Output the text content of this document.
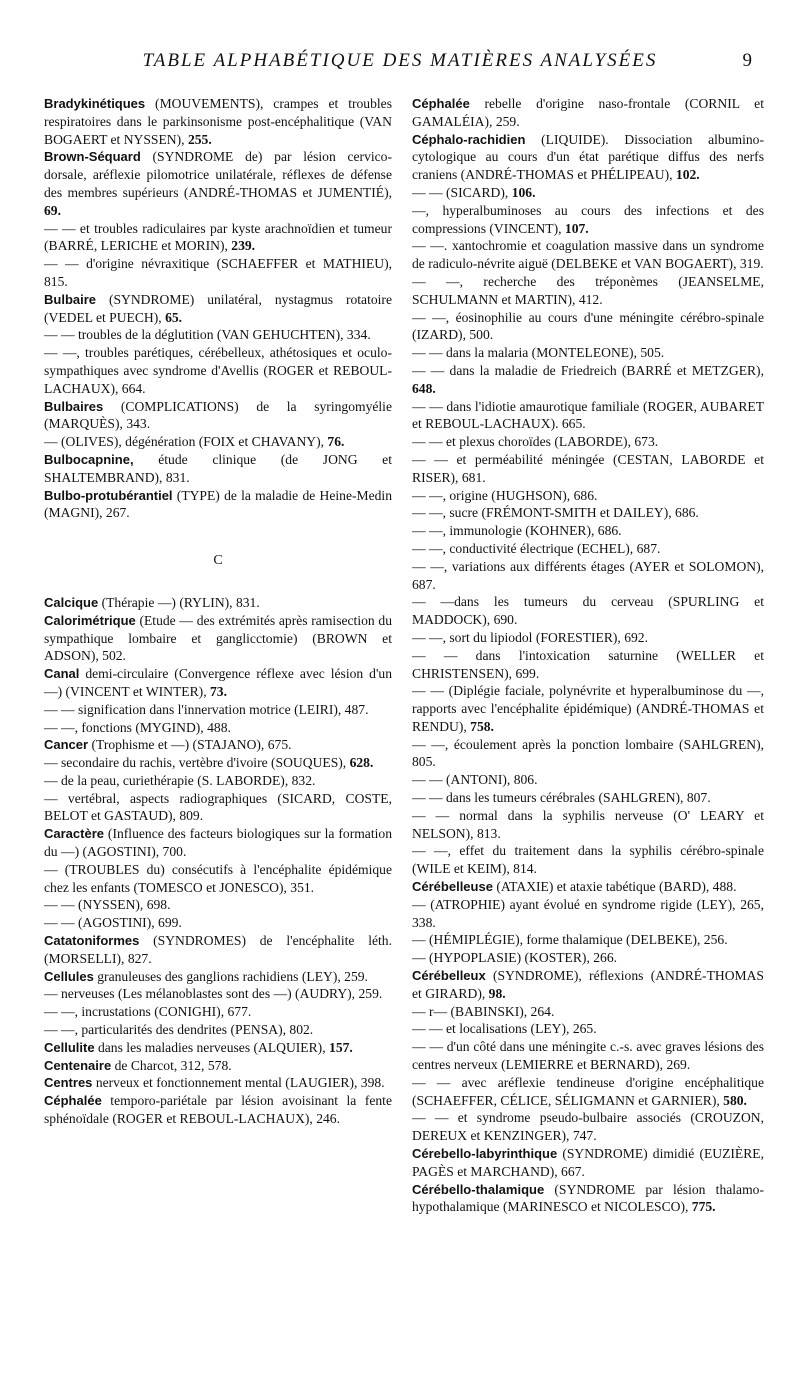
TABLE ALPHABÉTIQUE DES MATIÈRES ANALYSÉES	9

Bradykinétiques (MOUVEMENTS), crampes et troubles respiratoires dans le parkinsonisme post-encéphalitique (VAN BOGAERT et NYSSEN), 255.

Brown-Séquard (SYNDROME de) par lésion cervico-dorsale, aréflexie pilomotrice unilatérale, réflexes de défense des membres supérieurs (ANDRÉ-THOMAS et JUMENTIÉ), 69.

— — et troubles radiculaires par kyste arachnoïdien et tumeur (BARRÉ, LERICHE et MORIN), 239.

— — d'origine névraxitique (SCHAEFFER et MATHIEU), 815.

Bulbaire (SYNDROME) unilatéral, nystagmus rotatoire (VEDEL et PUECH), 65.

— — troubles de la déglutition (VAN GEHUCHTEN), 334.

— —, troubles parétiques, cérébelleux, athétosiques et oculo-sympathiques avec syndrome d'Avellis (ROGER et REBOUL-LACHAUX), 664.

Bulbaires (COMPLICATIONS) de la syringomyélie (MARQUÈS), 343.

— (OLIVES), dégénération (FOIX et CHAVANY), 76.

Bulbocapnine, étude clinique (de JONG et SHALTEMBRAND), 831.

Bulbo-protubérantiel (TYPE) de la maladie de Heine-Medin (MAGNI), 267.

C

Calcique (Thérapie —) (RYLIN), 831.

Calorimétrique (Etude — des extrémités après ramisection du sympathique lombaire et ganglicctomie) (BROWN et ADSON), 502.

Canal demi-circulaire (Convergence réflexe avec lésion d'un —) (VINCENT et WINTER), 73.

— — signification dans l'innervation motrice (LEIRI), 487.

— —, fonctions (MYGIND), 488.

Cancer (Trophisme et —) (STAJANO), 675.

— secondaire du rachis, vertèbre d'ivoire (SOUQUES), 628.

— de la peau, curiethérapie (S. LABORDE), 832.

— vertébral, aspects radiographiques (SICARD, COSTE, BELOT et GASTAUD), 809.

Caractère (Influence des facteurs biologiques sur la formation du —) (AGOSTINI), 700.

— (TROUBLES du) consécutifs à l'encéphalite épidémique chez les enfants (TOMESCO et JONESCO), 351.

— — (NYSSEN), 698.

— — (AGOSTINI), 699.

Catatoniformes (SYNDROMES) de l'encéphalite léth. (MORSELLI), 827.

Cellules granuleuses des ganglions rachidiens (LEY), 259.

— nerveuses (Les mélanoblastes sont des —) (AUDRY), 259.

— —, incrustations (CONIGHI), 677.

— —, particularités des dendrites (PENSA), 802.

Cellulite dans les maladies nerveuses (ALQUIER), 157.

Centenaire de Charcot, 312, 578.

Centres nerveux et fonctionnement mental (LAUGIER), 398.

Céphalée temporo-pariétale par lésion avoisinant la fente sphénoïdale (ROGER et REBOUL-LACHAUX), 246.

Céphalée rebelle d'origine naso-frontale (CORNIL et GAMALÉIA), 259.

Céphalo-rachidien (LIQUIDE). Dissociation albumino-cytologique au cours d'un état parétique diffus des nerfs craniens (ANDRÉ-THOMAS et PHÉLIPEAU), 102.

— — (SICARD), 106.

—, hyperalbuminoses au cours des infections et des compressions (VINCENT), 107.

— —. xantochromie et coagulation massive dans un syndrome de radiculo-névrite aiguë (DELBEKE et VAN BOGAERT), 319.

— —, recherche des tréponèmes (JEANSELME, SCHULMANN et MARTIN), 412.

— —, éosinophilie au cours d'une méningite cérébro-spinale (IZARD), 500.

— — dans la malaria (MONTELEONE), 505.

— — dans la maladie de Friedreich (BARRÉ et METZGER), 648.

— — dans l'idiotie amaurotique familiale (ROGER, AUBARET et REBOUL-LACHAUX). 665.

— — et plexus choroïdes (LABORDE), 673.

— — et perméabilité méningée (CESTAN, LABORDE et RISER), 681.

— —, origine (HUGHSON), 686.

— —, sucre (FRÉMONT-SMITH et DAILEY), 686.

— —, immunologie (KOHNER), 686.

— —, conductivité électrique (ECHEL), 687.

— —, variations aux différents étages (AYER et SOLOMON), 687.

— —dans les tumeurs du cerveau (SPURLING et MADDOCK), 690.

— —, sort du lipiodol (FORESTIER), 692.

— — dans l'intoxication saturnine (WELLER et CHRISTENSEN), 699.

— — (Diplégie faciale, polynévrite et hyperalbuminose du —, rapports avec l'encéphalite épidémique) (ANDRÉ-THOMAS et RENDU), 758.

— —, écoulement après la ponction lombaire (SAHLGREN), 805.

— — (ANTONI), 806.

— — dans les tumeurs cérébrales (SAHLGREN), 807.

— — normal dans la syphilis nerveuse (O' LEARY et NELSON), 813.

— —, effet du traitement dans la syphilis cérébro-spinale (WILE et KEIM), 814.

Cérébelleuse (ATAXIE) et ataxie tabétique (BARD), 488.

— (ATROPHIE) ayant évolué en syndrome rigide (LEY), 265, 338.

— (HÉMIPLÉGIE), forme thalamique (DELBEKE), 256.

— (HYPOPLASIE) (KOSTER), 266.

Cérébelleux (SYNDROME), réflexions (ANDRÉ-THOMAS et GIRARD), 98.

— r— (BABINSKI), 264.

— — et localisations (LEY), 265.

— — d'un côté dans une méningite c.-s. avec graves lésions des centres nerveux (LEMIERRE et BERNARD), 269.

— — avec aréflexie tendineuse d'origine encéphalitique (SCHAEFFER, CÉLICE, SÉLIGMANN et GARNIER), 580.

— — et syndrome pseudo-bulbaire associés (CROUZON, DEREUX et KENZINGER), 747.

Cérebello-labyrinthique (SYNDROME) dimidié (EUZIÈRE, PAGÈS et MARCHAND), 667.

Cérébello-thalamique (SYNDROME par lésion thalamo-hypothalamique (MARINESCO et NICOLESCO), 775.
